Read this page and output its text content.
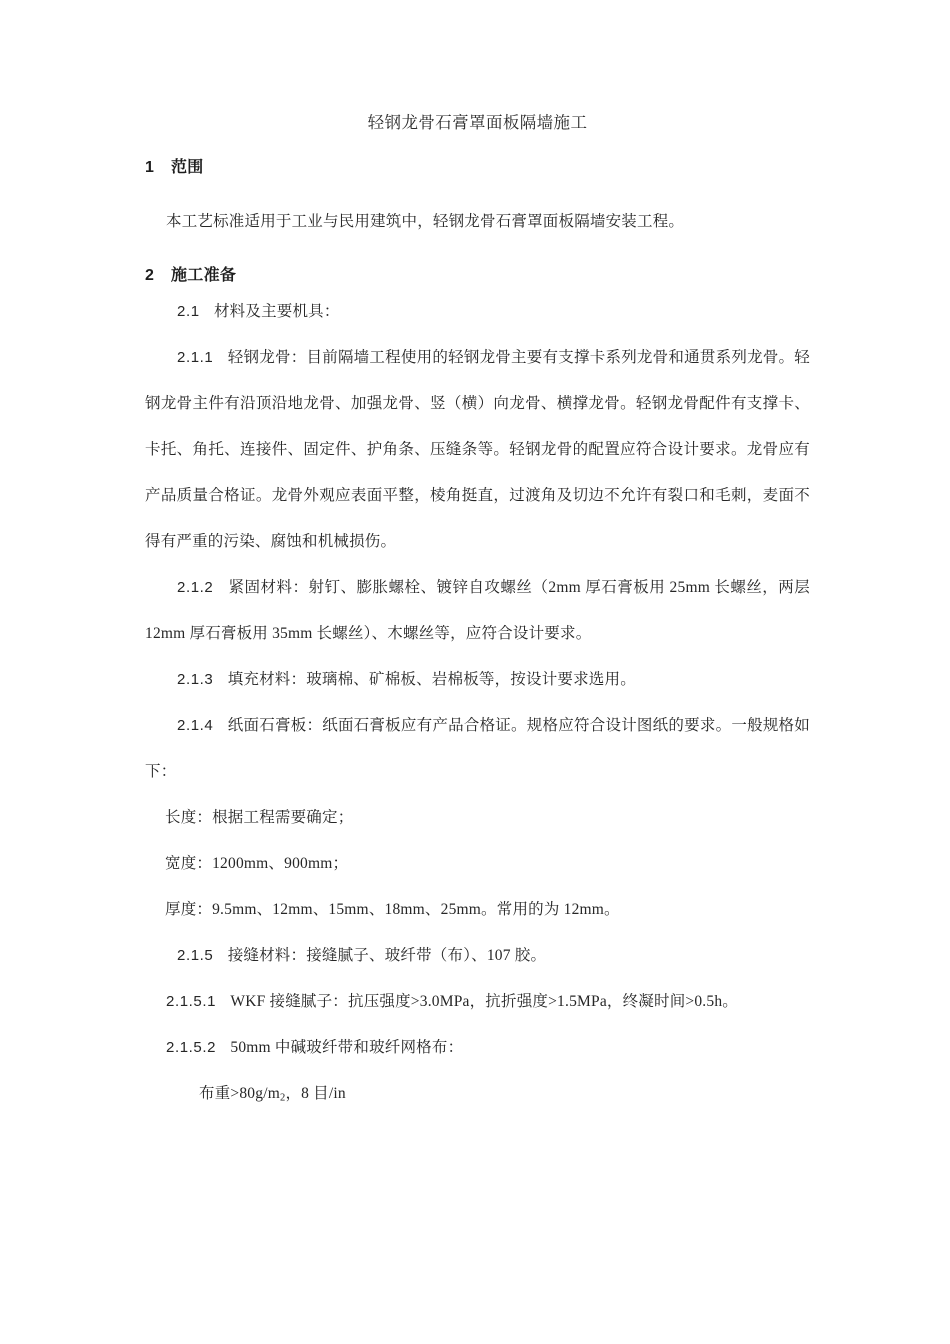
轻钢龙骨石膏罩面板隔墙施工
1 范围
本工艺标准适用于工业与民用建筑中，轻钢龙骨石膏罩面板隔墙安装工程。
2 施工准备
2.1 材料及主要机具：
2.1.1 轻钢龙骨：目前隔墙工程使用的轻钢龙骨主要有支撑卡系列龙骨和通贯系列龙骨。轻钢龙骨主件有沿顶沿地龙骨、加强龙骨、竖（横）向龙骨、横撑龙骨。轻钢龙骨配件有支撑卡、卡托、角托、连接件、固定件、护角条、压缝条等。轻钢龙骨的配置应符合设计要求。龙骨应有产品质量合格证。龙骨外观应表面平整，棱角挺直，过渡角及切边不允许有裂口和毛刺，麦面不得有严重的污染、腐蚀和机械损伤。
2.1.2 紧固材料：射钉、膨胀螺栓、镀锌自攻螺丝（2mm 厚石膏板用 25mm 长螺丝，两层 12mm 厚石膏板用 35mm 长螺丝）、木螺丝等，应符合设计要求。
2.1.3 填充材料：玻璃棉、矿棉板、岩棉板等，按设计要求选用。
2.1.4 纸面石膏板：纸面石膏板应有产品合格证。规格应符合设计图纸的要求。一般规格如下：
长度：根据工程需要确定；
宽度：1200mm、900mm；
厚度：9.5mm、12mm、15mm、18mm、25mm。常用的为 12mm。
2.1.5 接缝材料：接缝腻子、玻纤带（布）、107 胶。
2.1.5.1 WKF 接缝腻子：抗压强度>3.0MPa，抗折强度>1.5MPa，终凝时间>0.5h。
2.1.5.2 50mm 中碱玻纤带和玻纤网格布：
布重$>80g/m_2$，8 目/in
